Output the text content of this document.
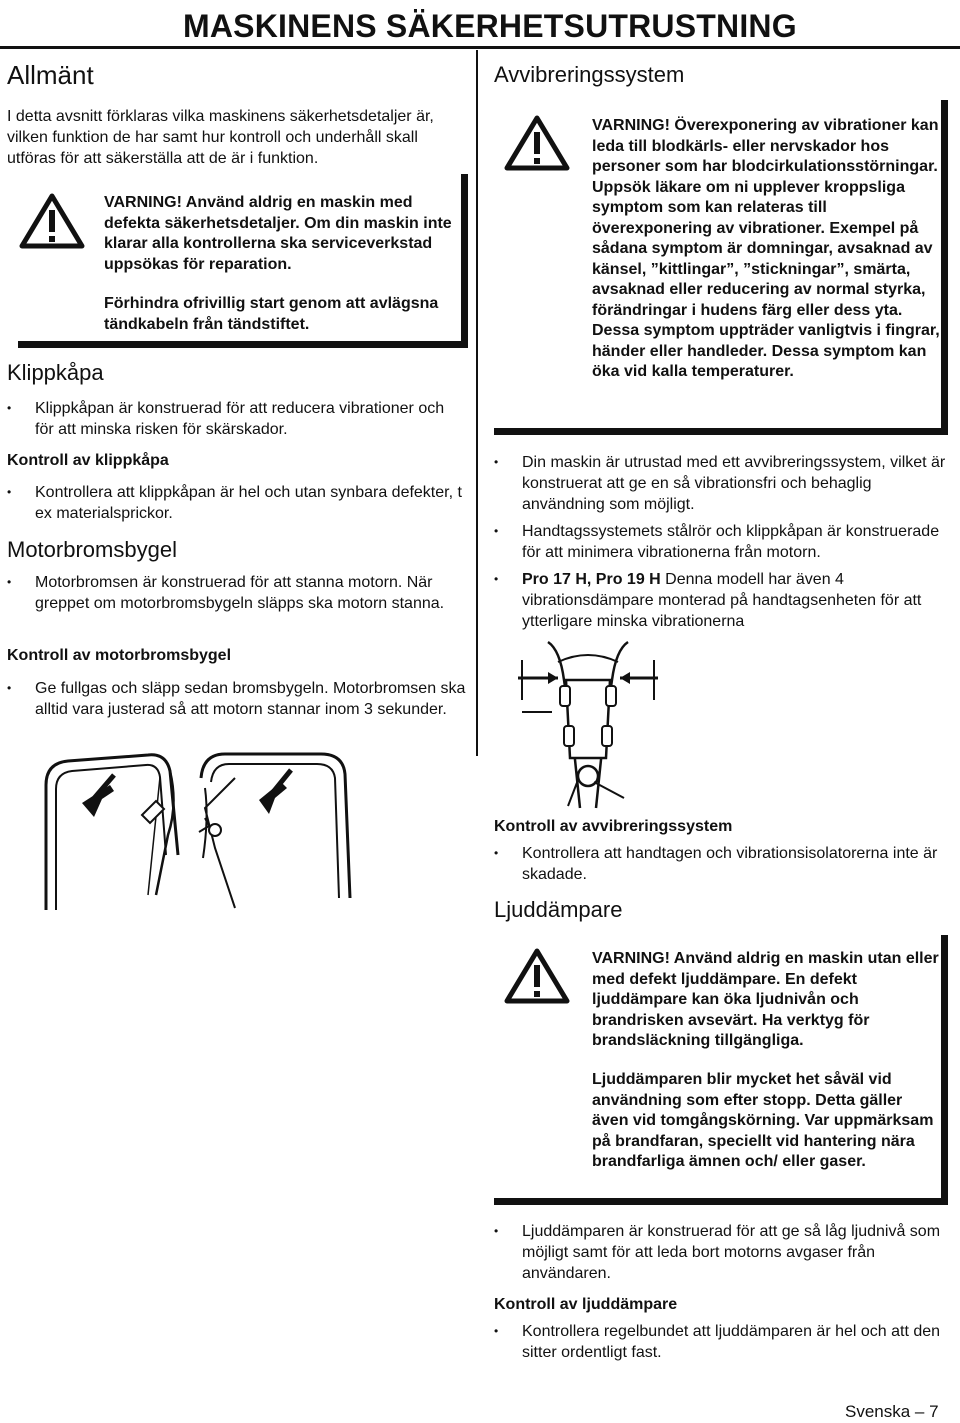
MASKINENS SÄKERHETSUTRUSTNING
Allmänt

I detta avsnitt förklaras vilka maskinens säkerhetsdetaljer är, vilken funktion de har samt hur kontroll och underhåll skall utföras för att säkerställa att de är i funktion.

VARNING! Använd aldrig en maskin med defekta säkerhetsdetaljer. Om din maskin inte klarar alla kontrollerna ska serviceverkstad uppsökas för reparation.

Förhindra ofrivillig start genom att avlägsna tändkabeln från tändstiftet.

Klippkåpa
• Klippkåpan är konstruerad för att reducera vibrationer och för att minska risken för skärskador.
Kontroll av klippkåpa
• Kontrollera att klippkåpan är hel och utan synbara defekter, t ex materialsprickor.
Motorbromsbygel
• Motorbromsen är konstruerad för att stanna motorn. När greppet om motorbromsbygeln släpps ska motorn stanna.
Kontroll av motorbromsbygel
• Ge fullgas och släpp sedan bromsbygeln. Motorbromsen ska alltid vara justerad så att motorn stannar inom 3 sekunder.
Avvibreringssystem

VARNING! Överexponering av vibrationer kan leda till blodkärls- eller nervskador hos personer som har blodcirkulationsstörningar. Uppsök läkare om ni upplever kroppsliga symptom som kan relateras till överexponering av vibrationer. Exempel på sådana symptom är domningar, avsaknad av känsel, ”kittlingar”, ”stickningar”, smärta, avsaknad eller reducering av normal styrka, förändringar i hudens färg eller dess yta. Dessa symptom uppträder vanligtvis i fingrar, händer eller handleder. Dessa symptom kan öka vid kalla temperaturer.

• Din maskin är utrustad med ett avvibreringssystem, vilket är konstruerat att ge en så vibrationsfri och behaglig användning som möjligt.
• Handtagssystemets stålrör och klippkåpan är konstruerade för att minimera vibrationerna från motorn.
• Pro 17 H, Pro 19 H Denna modell har även 4 vibrationsdämpare monterad på handtagsenheten för att ytterligare minska vibrationerna
Kontroll av avvibreringssystem
• Kontrollera att handtagen och vibrationsisolatorerna inte är skadade.
Ljuddämpare

VARNING! Använd aldrig en maskin utan eller med defekt ljuddämpare. En defekt ljuddämpare kan öka ljudnivån och brandrisken avsevärt. Ha verktyg för brandsläckning tillgängliga.

Ljuddämparen blir mycket het såväl vid användning som efter stopp. Detta gäller även vid tomgångskörning. Var uppmärksam på brandfaran, speciellt vid hantering nära brandfarliga ämnen och/ eller gaser.

• Ljuddämparen är konstruerad för att ge så låg ljudnivå som möjligt samt för att leda bort motorns avgaser från användaren.
Kontroll av ljuddämpare
• Kontrollera regelbundet att ljuddämparen är hel och att den sitter ordentligt fast.
Svenska – 7
